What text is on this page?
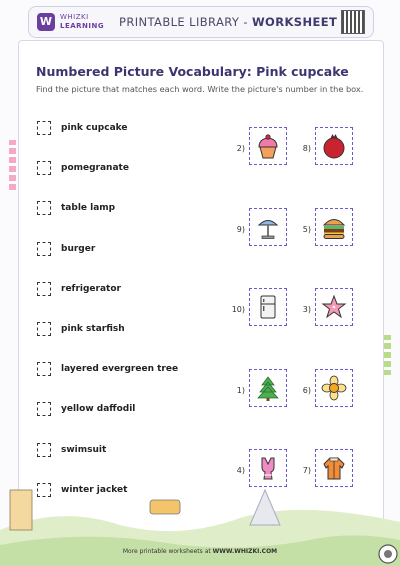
W	WHIZKI
LEARNING PRINTABLE LIBRARY - WORKSHEET
Numbered Picture Vocabulary: Pink cupcake
Find the picture that matches each word. Write the picture's number in the box.
pink cupcake
pomegranate
table lamp
burger
refrigerator
pink starfish
layered evergreen tree
yellow daffodil
swimsuit
winter jacket
2)	8)
9)	5)
10)	3)
1)	6)
4)	7)
More printable worksheets at WWW.WHIZKI.COM
